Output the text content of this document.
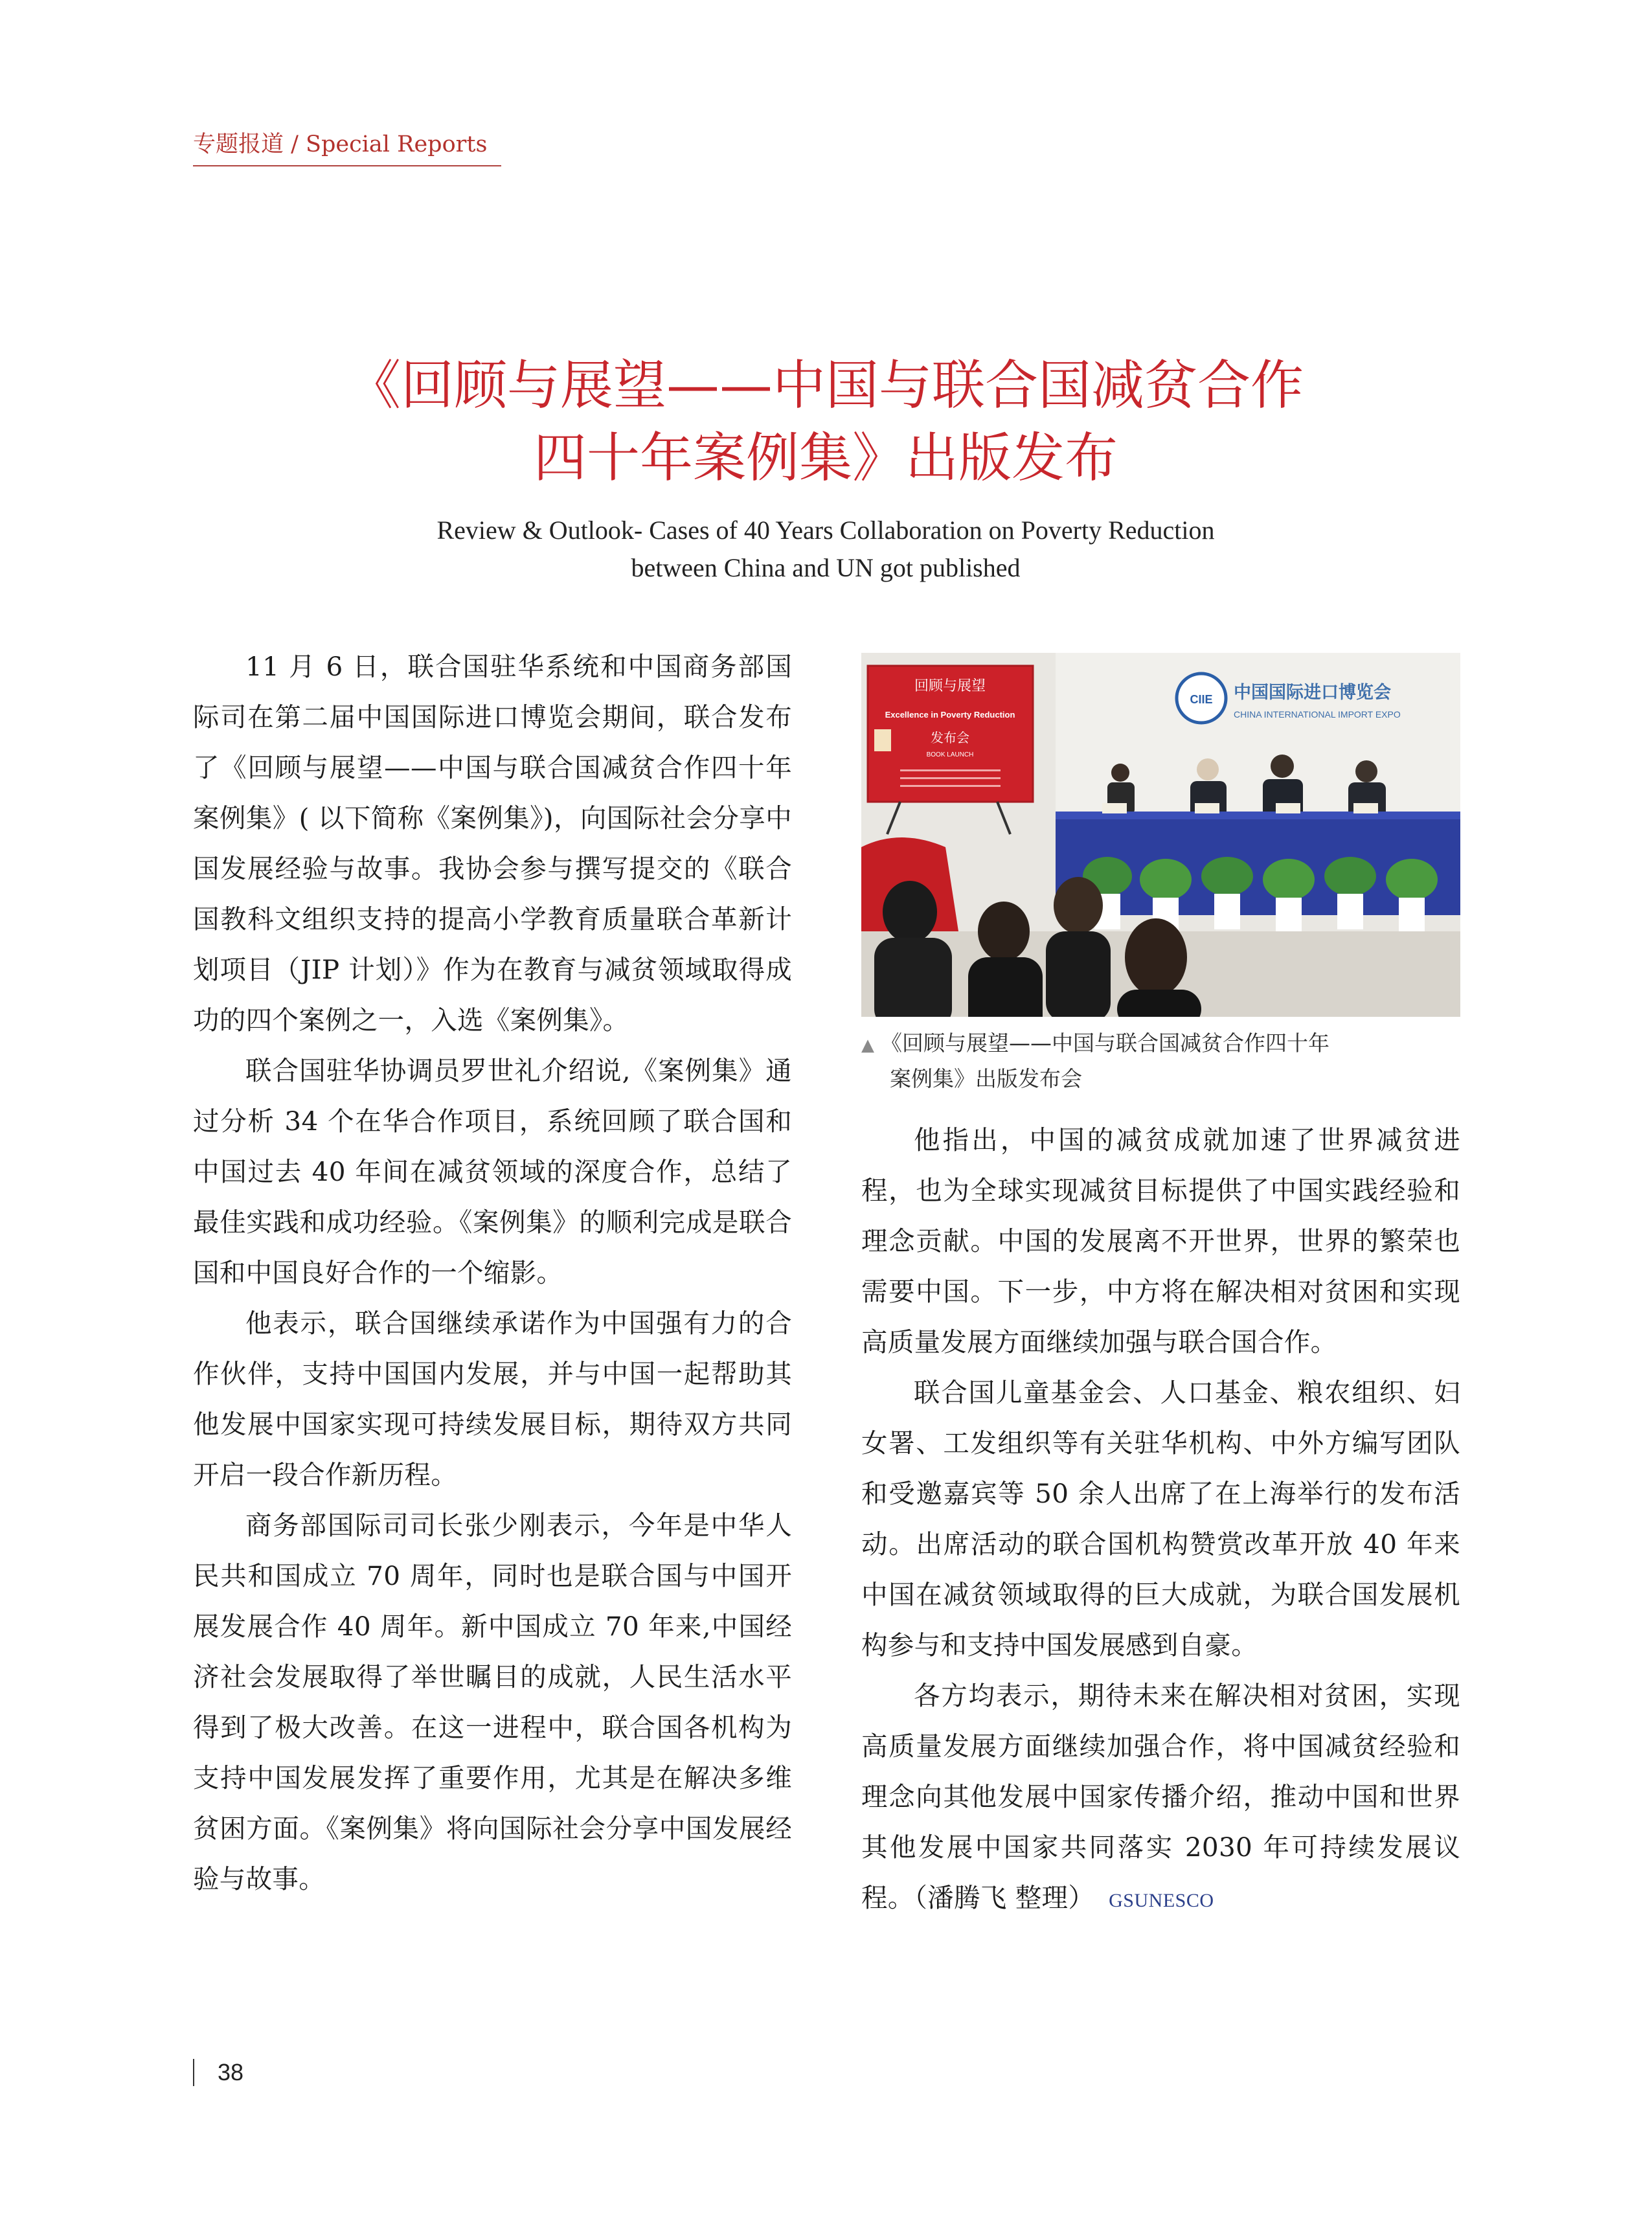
专题报道 / Special Reports
《回顾与展望——中国与联合国减贫合作
四十年案例集》出版发布
Review & Outlook- Cases of 40 Years Collaboration on Poverty Reduction
between China and UN got published

11 月 6 日，联合国驻华系统和中国商务部国际司在第二届中国国际进口博览会期间，联合发布了《回顾与展望——中国与联合国减贫合作四十年案例集》( 以下简称《案例集》)，向国际社会分享中国发展经验与故事。我协会参与撰写提交的《联合国教科文组织支持的提高小学教育质量联合革新计划项目（JIP 计划）》作为在教育与减贫领域取得成功的四个案例之一，入选《案例集》。

联合国驻华协调员罗世礼介绍说,《案例集》通过分析 34 个在华合作项目，系统回顾了联合国和中国过去 40 年间在减贫领域的深度合作，总结了最佳实践和成功经验。《案例集》的顺利完成是联合国和中国良好合作的一个缩影。

他表示，联合国继续承诺作为中国强有力的合作伙伴，支持中国国内发展，并与中国一起帮助其他发展中国家实现可持续发展目标，期待双方共同开启一段合作新历程。

商务部国际司司长张少刚表示，今年是中华人民共和国成立 70 周年，同时也是联合国与中国开展发展合作 40 周年。新中国成立 70 年来,中国经济社会发展取得了举世瞩目的成就，人民生活水平得到了极大改善。在这一进程中，联合国各机构为支持中国发展发挥了重要作用，尤其是在解决多维贫困方面。《案例集》将向国际社会分享中国发展经验与故事。

回顾与展望
Excellence in Poverty Reduction
发布会
BOOK LAUNCH
CIIE 中国国际进口博览会
CHINA INTERNATIONAL IMPORT EXPO
▲ 《回顾与展望——中国与联合国减贫合作四十年
案例集》出版发布会

他指出，中国的减贫成就加速了世界减贫进程，也为全球实现减贫目标提供了中国实践经验和理念贡献。中国的发展离不开世界，世界的繁荣也需要中国。下一步，中方将在解决相对贫困和实现高质量发展方面继续加强与联合国合作。

联合国儿童基金会、人口基金、粮农组织、妇女署、工发组织等有关驻华机构、中外方编写团队和受邀嘉宾等 50 余人出席了在上海举行的发布活动。出席活动的联合国机构赞赏改革开放 40 年来中国在减贫领域取得的巨大成就，为联合国发展机构参与和支持中国发展感到自豪。

各方均表示，期待未来在解决相对贫困，实现高质量发展方面继续加强合作，将中国减贫经验和理念向其他发展中国家传播介绍，推动中国和世界其他发展中国家共同落实 2030 年可持续发展议程。（潘腾飞 整理） GSUNESCO

38
